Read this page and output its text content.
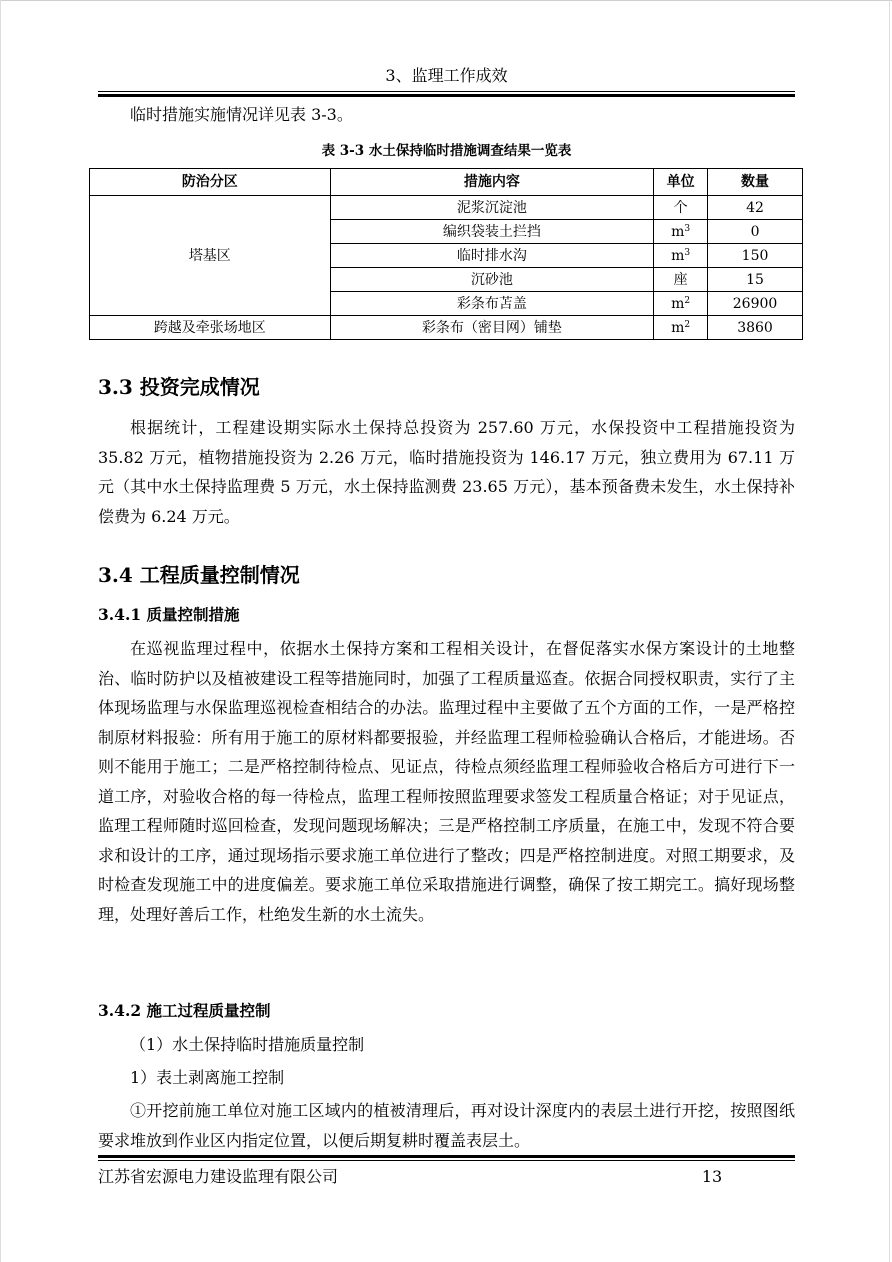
3、监理工作成效
临时措施实施情况详见表 3-3。
表 3-3 水土保持临时措施调查结果一览表
防治分区	措施内容	单位	数量
塔基区	泥浆沉淀池	个	42
	编织袋装土拦挡	$m^3$	0
	临时排水沟	$m^3$	150
	沉砂池	座	15
	彩条布苫盖	$m^2$	26900
跨越及牵张场地区	彩条布（密目网）铺垫	$m^2$	3860
3.3 投资完成情况

根据统计，工程建设期实际水土保持总投资为 257.60 万元，水保投资中工程措施投资为 35.82 万元，植物措施投资为 2.26 万元，临时措施投资为 146.17 万元，独立费用为 67.11 万元（其中水土保持监理费 5 万元，水土保持监测费 23.65 万元），基本预备费未发生，水土保持补偿费为 6.24 万元。

3.4 工程质量控制情况
3.4.1 质量控制措施

在巡视监理过程中，依据水土保持方案和工程相关设计，在督促落实水保方案设计的土地整治、临时防护以及植被建设工程等措施同时，加强了工程质量巡查。依据合同授权职责，实行了主体现场监理与水保监理巡视检查相结合的办法。监理过程中主要做了五个方面的工作，一是严格控制原材料报验：所有用于施工的原材料都要报验，并经监理工程师检验确认合格后，才能进场。否则不能用于施工；二是严格控制待检点、见证点，待检点须经监理工程师验收合格后方可进行下一道工序，对验收合格的每一待检点，监理工程师按照监理要求签发工程质量合格证；对于见证点，监理工程师随时巡回检查，发现问题现场解决；三是严格控制工序质量，在施工中，发现不符合要求和设计的工序，通过现场指示要求施工单位进行了整改；四是严格控制进度。对照工期要求，及时检查发现施工中的进度偏差。要求施工单位采取措施进行调整，确保了按工期完工。搞好现场整理，处理好善后工作，杜绝发生新的水土流失。

3.4.2 施工过程质量控制
（1）水土保持临时措施质量控制
1）表土剥离施工控制

①开挖前施工单位对施工区域内的植被清理后，再对设计深度内的表层土进行开挖，按照图纸要求堆放到作业区内指定位置，以便后期复耕时覆盖表层土。

江苏省宏源电力建设监理有限公司	13
